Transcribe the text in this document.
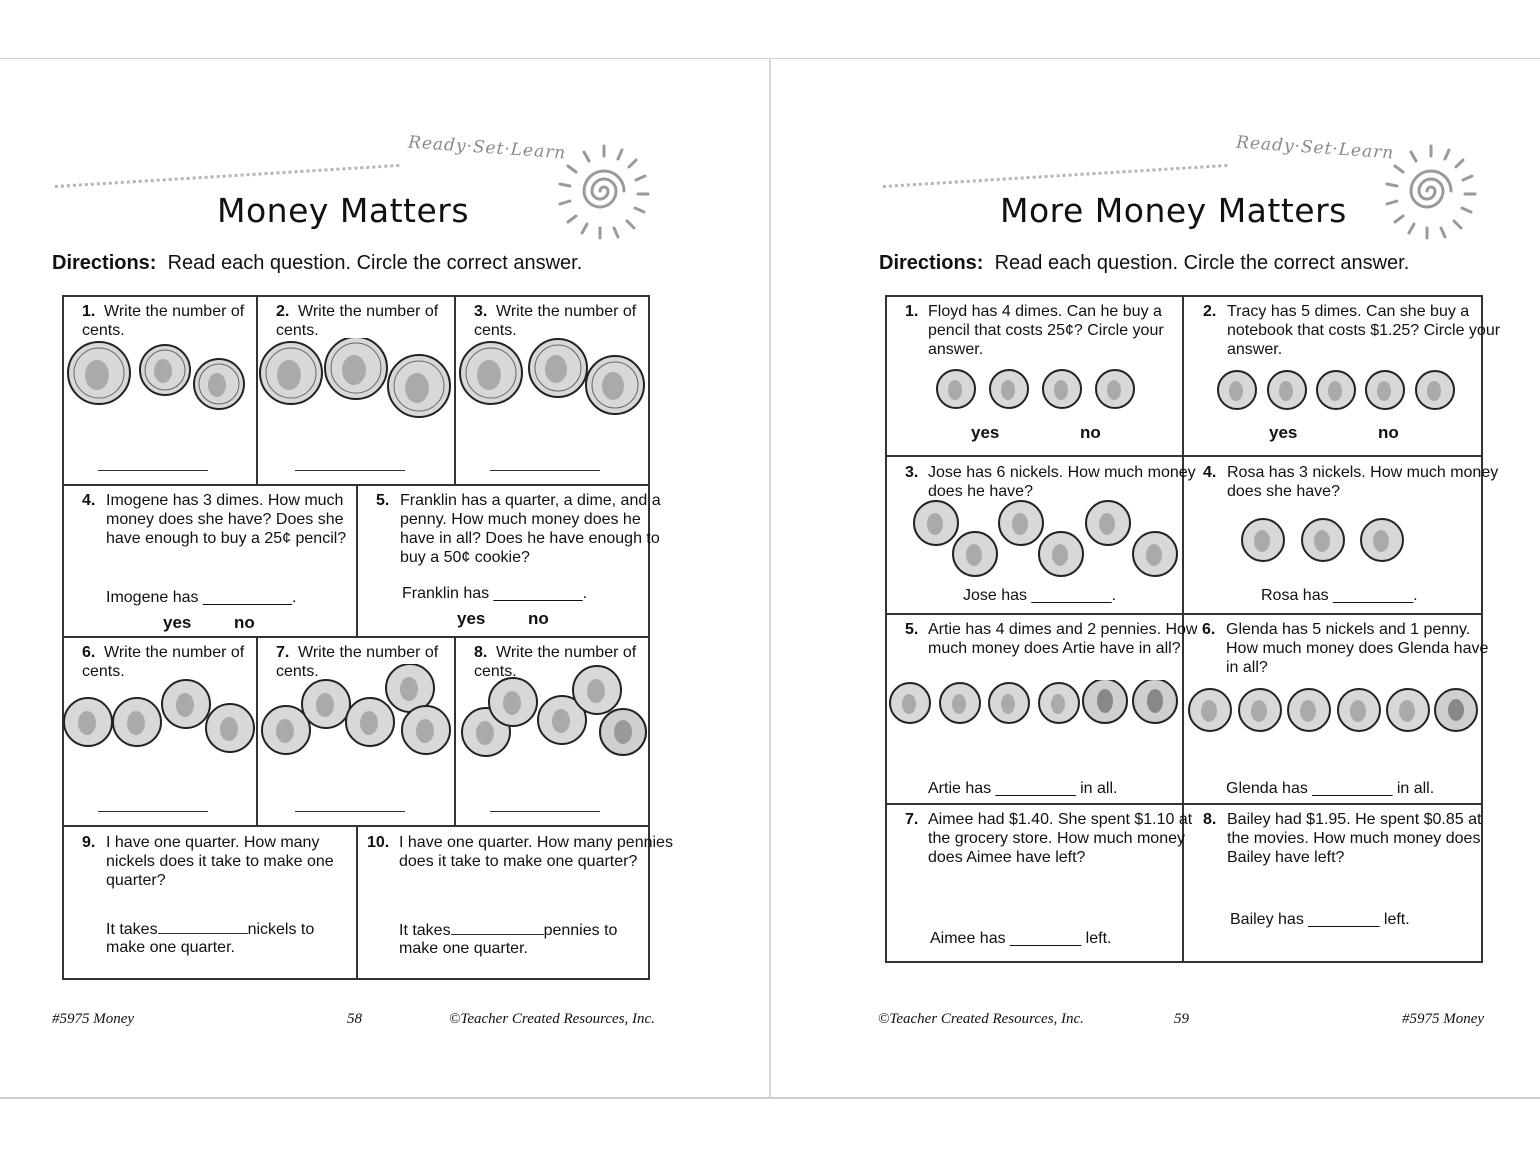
Ready·Set·Learn
Money Matters
Directions: Read each question. Circle the correct answer.
1. Write the number of cents.
2. Write the number of cents.
3. Write the number of cents.
4. Imogene has 3 dimes. How much money does she have? Does she have enough to buy a 25¢ pencil?
Imogene has __________.
yes	no
5. Franklin has a quarter, a dime, and a penny. How much money does he have in all? Does he have enough to buy a 50¢ cookie?
Franklin has __________.
yes	no
6. Write the number of cents.
7. Write the number of cents.
8. Write the number of cents.
9. I have one quarter. How many nickels does it take to make one quarter?
It takes	nickels to
make one quarter.
10. I have one quarter. How many pennies does it take to make one quarter?
It takes	pennies to
make one quarter.
#5975 Money	58	©Teacher Created Resources, Inc.
Ready·Set·Learn
More Money Matters
Directions: Read each question. Circle the correct answer.
1. Floyd has 4 dimes. Can he buy a pencil that costs 25¢? Circle your answer.
yes	no
2. Tracy has 5 dimes. Can she buy a notebook that costs $1.25? Circle your answer.
yes	no
3. Jose has 6 nickels. How much money does he have?
Jose has _________.
4. Rosa has 3 nickels. How much money does she have?
Rosa has _________.
5. Artie has 4 dimes and 2 pennies. How much money does Artie have in all?
Artie has _________ in all.
6. Glenda has 5 nickels and 1 penny. How much money does Glenda have in all?
Glenda has _________ in all.
7. Aimee had $1.40. She spent $1.10 at the grocery store. How much money does Aimee have left?
Aimee has ________ left.
8. Bailey had $1.95. He spent $0.85 at the movies. How much money does Bailey have left?
Bailey has ________ left.
©Teacher Created Resources, Inc.	59	#5975 Money
